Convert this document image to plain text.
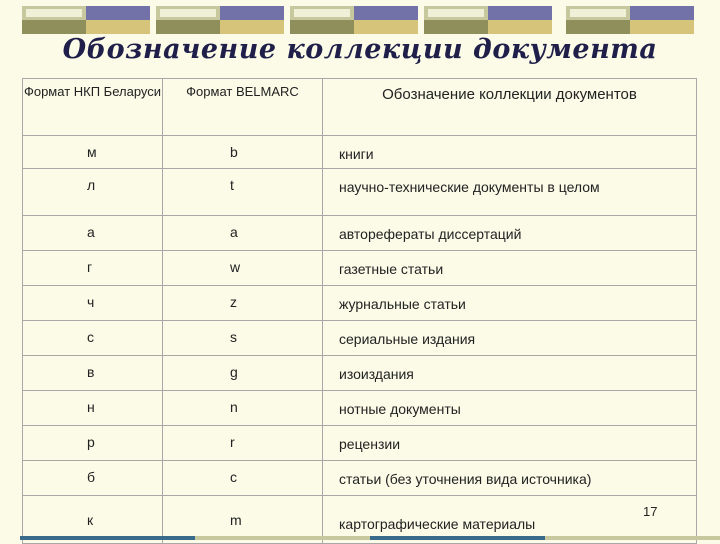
Обозначение коллекции документа
Формат НКП Беларуси	Формат BELMARC	Обозначение коллекции документов
м	b	книги
л	t	научно-технические документы в целом
а	а	авторефераты диссертаций
г	w	газетные статьи
ч	z	журнальные статьи
с	s	сериальные издания
в	g	изоиздания
н	n	нотные документы
р	r	рецензии
б	c	статьи (без уточнения вида источника)
к	m	картографические материалы
17
